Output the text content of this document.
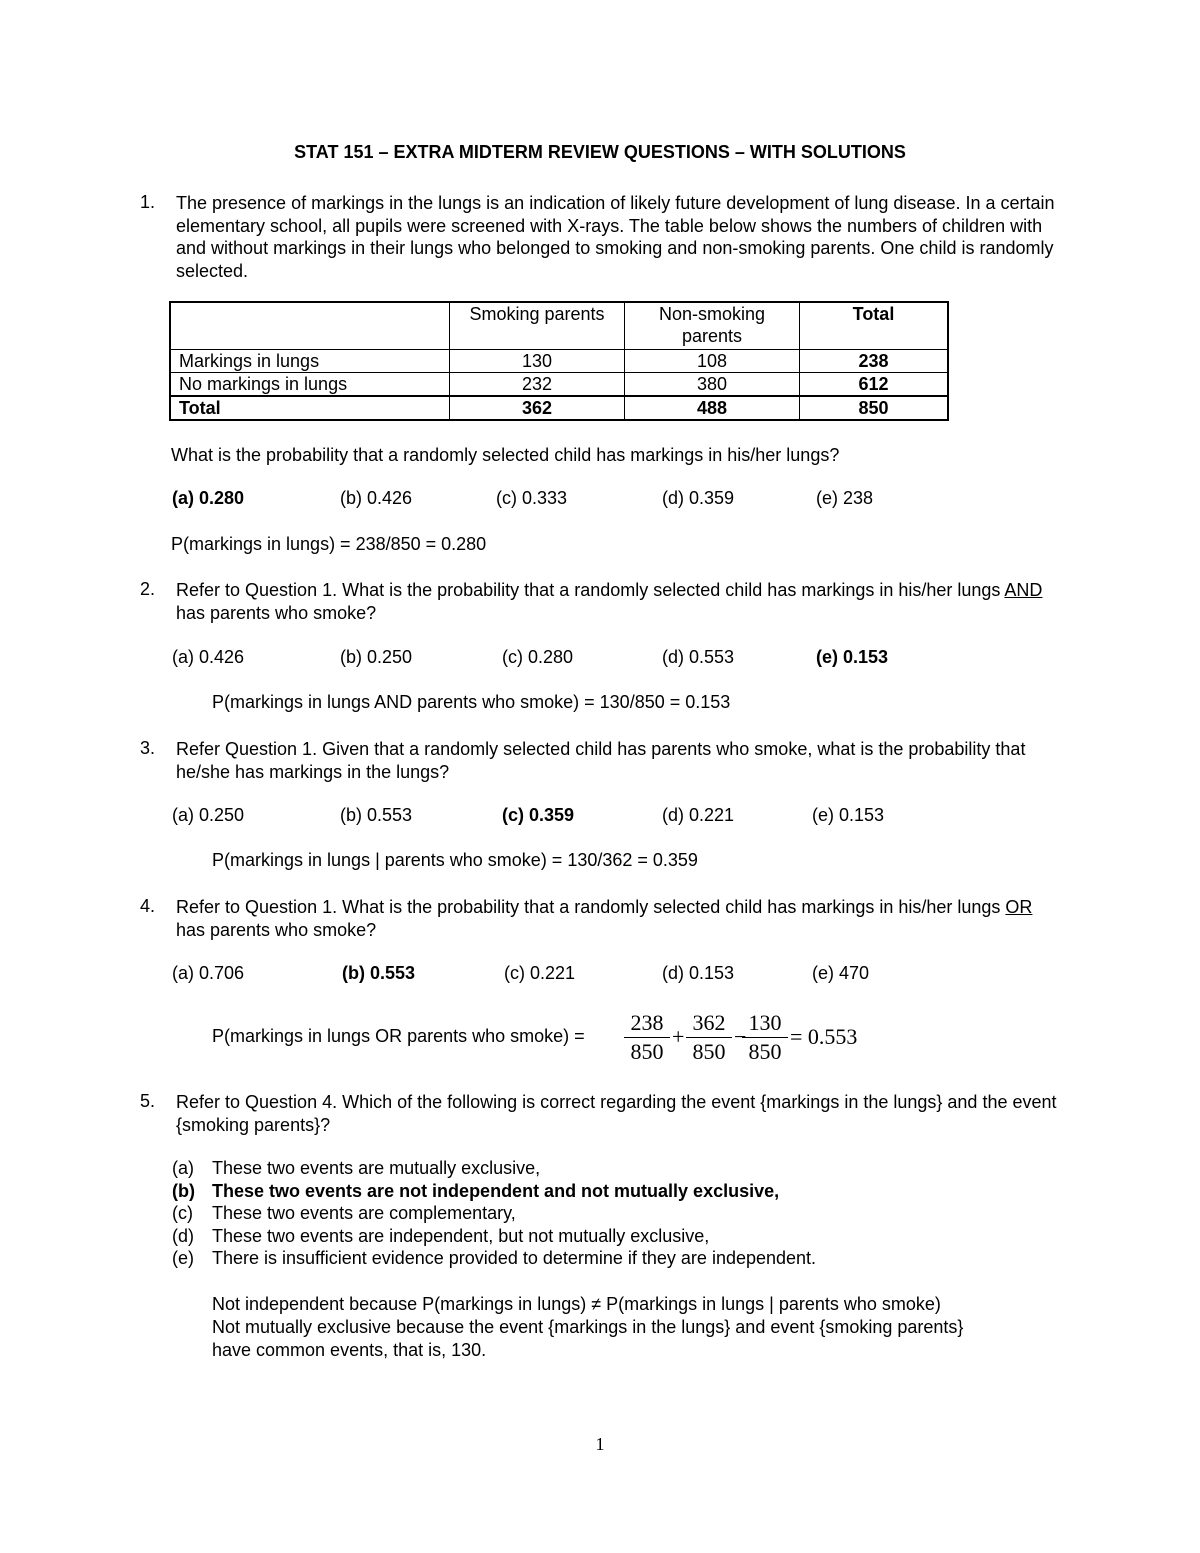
STAT 151 – EXTRA MIDTERM REVIEW QUESTIONS – WITH SOLUTIONS
1. The presence of markings in the lungs is an indication of likely future development of lung disease. In a certain elementary school, all pupils were screened with X-rays. The table below shows the numbers of children with and without markings in their lungs who belonged to smoking and non-smoking parents. One child is randomly selected.
	Smoking parents	Non-smoking parents	Total
Markings in lungs	130	108	238
No markings in lungs	232	380	612
Total	362	488	850
What is the probability that a randomly selected child has markings in his/her lungs?
(a) 0.280	(b) 0.426	(c) 0.333	(d) 0.359	(e) 238
P(markings in lungs) = 238/850 = 0.280
2. Refer to Question 1. What is the probability that a randomly selected child has markings in his/her lungs AND has parents who smoke?
(a) 0.426	(b) 0.250	(c) 0.280	(d) 0.553	(e) 0.153
P(markings in lungs AND parents who smoke) = 130/850 = 0.153
3. Refer Question 1. Given that a randomly selected child has parents who smoke, what is the probability that he/she has markings in the lungs?
(a) 0.250	(b) 0.553	(c) 0.359	(d) 0.221	(e) 0.153
P(markings in lungs | parents who smoke) = 130/362 = 0.359
4. Refer to Question 1. What is the probability that a randomly selected child has markings in his/her lungs OR has parents who smoke?
(a) 0.706	(b) 0.553	(c) 0.221	(d) 0.153	(e) 470
P(markings in lungs OR parents who smoke) =
238
850
+
362
850
−
130
850
= 0.553
5. Refer to Question 4. Which of the following is correct regarding the event {markings in the lungs} and the event {smoking parents}?
(a) These two events are mutually exclusive,
(b) These two events are not independent and not mutually exclusive,
(c) These two events are complementary,
(d) These two events are independent, but not mutually exclusive,
(e) There is insufficient evidence provided to determine if they are independent.
Not independent because P(markings in lungs) ≠ P(markings in lungs | parents who smoke)
Not mutually exclusive because the event {markings in the lungs} and event {smoking parents}
have common events, that is, 130.
1
